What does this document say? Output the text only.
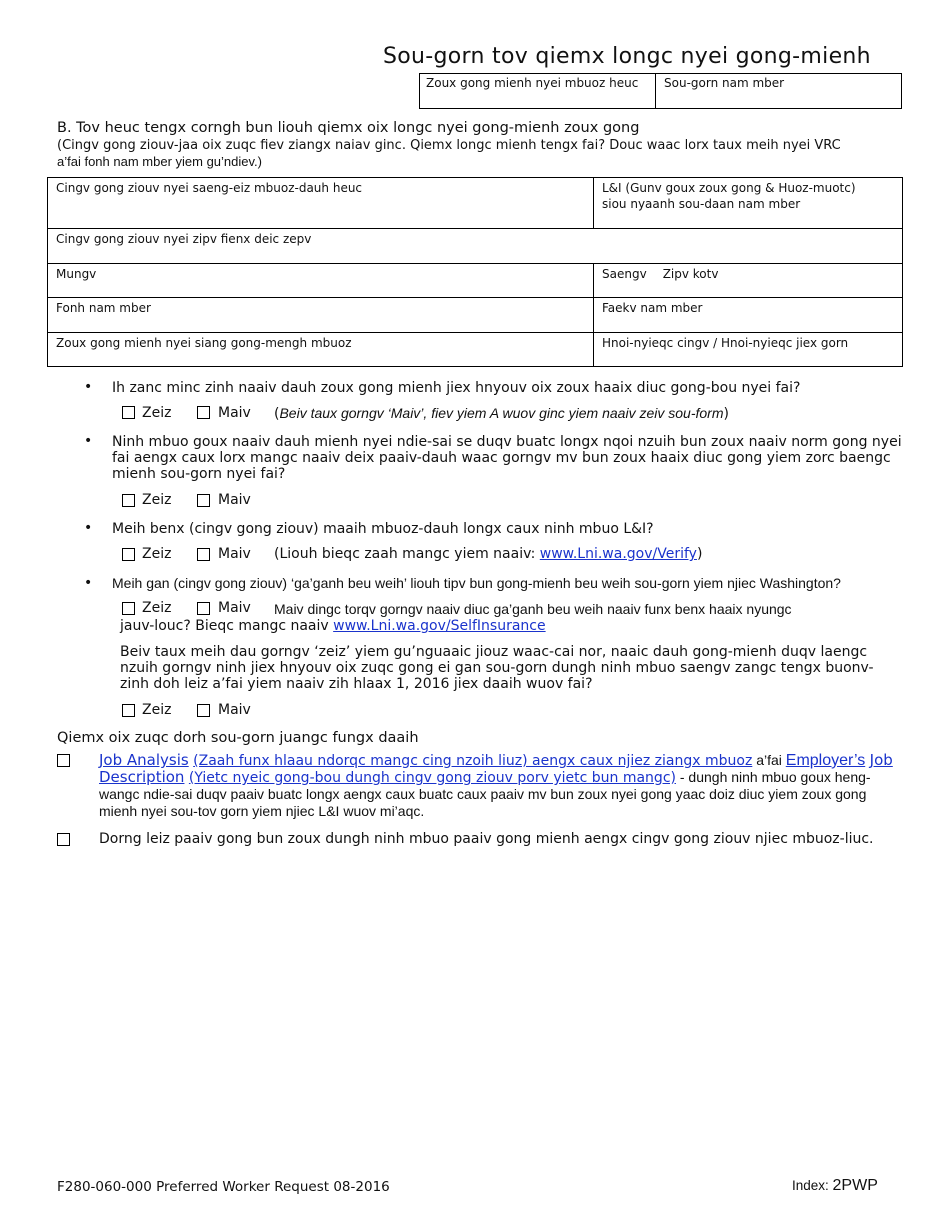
Sou-gorn tov qiemx longc nyei gong-mienh
Zoux gong mienh nyei mbuoz heuc	Sou-gorn nam mber
B. Tov heuc tengx corngh bun liouh qiemx oix longc nyei gong-mienh zoux gong
(Cingv gong ziouv-jaa oix zuqc fiev ziangx naiav ginc. Qiemx longc mienh tengx fai? Douc waac lorx taux meih nyei VRC
a’fai fonh nam mber yiem gu’ndiev.)
Cingv gong ziouv nyei saeng-eiz mbuoz-dauh heuc	L&I (Gunv goux zoux gong & Huoz-muotc)
siou nyaanh sou-daan nam mber

Cingv gong ziouv nyei zipv fienx deic zepv	
Mungv	Saengv Zipv kotv
Fonh nam mber	Faekv nam mber
Zoux gong mienh nyei siang gong-mengh mbuoz	Hnoi-nyieqc cingv / Hnoi-nyieqc jiex gorn
• Ih zanc minc zinh naaiv dauh zoux gong mienh jiex hnyouv oix zoux haaix diuc gong-bou nyei fai?
Zeiz	Maiv (Beiv taux gorngv ‘Maiv’, fiev yiem A wuov ginc yiem naaiv zeiv sou-form)
• Ninh mbuo goux naaiv dauh mienh nyei ndie-sai se duqv buatc longx nqoi nzuih bun zoux naaiv norm gong nyei fai aengx caux lorx mangc naaiv deix paaiv-dauh waac gorngv mv bun zoux haaix diuc gong yiem zorc baengc mienh sou-gorn nyei fai?
Zeiz	Maiv
• Meih benx (cingv gong ziouv) maaih mbuoz-dauh longx caux ninh mbuo L&I?
Zeiz	Maiv (Liouh bieqc zaah mangc yiem naaiv: www.Lni.wa.gov/Verify)
• Meih gan (cingv gong ziouv) ‘ga’ganh beu weih’ liouh tipv bun gong-mienh beu weih sou-gorn yiem njiec Washington?
Zeiz	Maiv Maiv dingc torqv gorngv naaiv diuc ga’ganh beu weih naaiv funx benx haaix nyungc
jauv-louc? Bieqc mangc naaiv www.Lni.wa.gov/SelfInsurance
Beiv taux meih dau gorngv ‘zeiz’ yiem gu’nguaaic jiouz waac-cai nor, naaic dauh gong-mienh duqv laengc nzuih gorngv ninh jiex hnyouv oix zuqc gong ei gan sou-gorn dungh ninh mbuo saengv zangc tengx buonv-zinh doh leiz a’fai yiem naaiv zih hlaax 1, 2016 jiex daaih wuov fai?
Zeiz	Maiv
Qiemx oix zuqc dorh sou-gorn juangc fungx daaih
Job Analysis (Zaah funx hlaau ndorqc mangc cing nzoih liuz) aengx caux njiez ziangx mbuoz a’fai Employer’s Job Description (Yietc nyeic gong-bou dungh cingv gong ziouv porv yietc bun mangc) - dungh ninh mbuo goux heng-wangc ndie-sai duqv paaiv buatc longx aengx caux buatc caux paaiv mv bun zoux nyei gong yaac doiz diuc yiem zoux gong mienh nyei sou-tov gorn yiem njiec L&I wuov mi’aqc.
Dorng leiz paaiv gong bun zoux dungh ninh mbuo paaiv gong mienh aengx cingv gong ziouv njiec mbuoz-liuc.
F280-060-000 Preferred Worker Request 08-2016	Index: 2PWP
